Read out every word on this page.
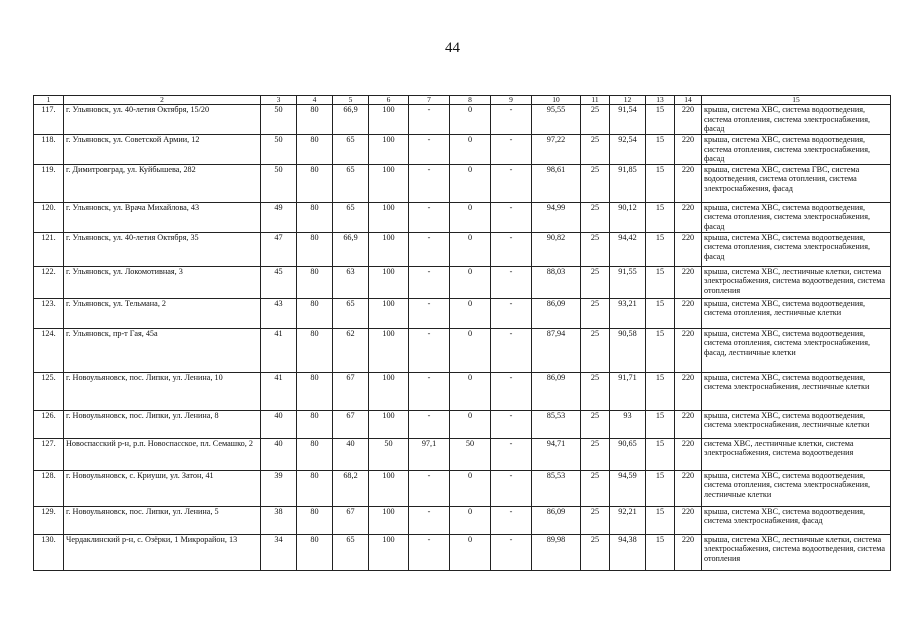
44
1	2	3	4	5	6	7	8	9	10	11	12	13	14	15
117.	г. Ульяновск, ул. 40-летия Октября, 15/20	50	80	66,9	100	-	0	-	95,55	25	91,54	15	220	крыша, система ХВС, система водоотведения, система отопления, система электроснабжения, фасад
118.	г. Ульяновск, ул. Советской Армии, 12	50	80	65	100	-	0	-	97,22	25	92,54	15	220	крыша, система ХВС, система водоотведения, система отопления, система электроснабжения, фасад
119.	г. Димитровград, ул. Куйбышева, 282	50	80	65	100	-	0	-	98,61	25	91,85	15	220	крыша, система ХВС, система ГВС, система водоотведения, система отопления, система электроснабжения, фасад
120.	г. Ульяновск, ул. Врача Михайлова, 43	49	80	65	100	-	0	-	94,99	25	90,12	15	220	крыша, система ХВС, система водоотведения, система отопления, система электроснабжения, фасад
121.	г. Ульяновск, ул. 40-летия Октября, 35	47	80	66,9	100	-	0	-	90,82	25	94,42	15	220	крыша, система ХВС, система водоотведения, система отопления, система электроснабжения, фасад
122.	г. Ульяновск, ул. Локомотивная, 3	45	80	63	100	-	0	-	88,03	25	91,55	15	220	крыша, система ХВС, лестничные клетки, система электроснабжения, система водоотведения, система отопления
123.	г. Ульяновск, ул. Тельмана, 2	43	80	65	100	-	0	-	86,09	25	93,21	15	220	крыша, система ХВС, система водоотведения, система отопления, лестничные клетки
124.	г. Ульяновск, пр-т Гая, 45а	41	80	62	100	-	0	-	87,94	25	90,58	15	220	крыша, система ХВС, система водоотведения, система отопления, система электроснабжения, фасад, лестничные клетки
125.	г. Новоульяновск, пос. Липки, ул. Ленина, 10	41	80	67	100	-	0	-	86,09	25	91,71	15	220	крыша, система ХВС, система водоотведения, система электроснабжения, лестничные клетки
126.	г. Новоульяновск, пос. Липки, ул. Ленина, 8	40	80	67	100	-	0	-	85,53	25	93	15	220	крыша, система ХВС, система водоотведения, система электроснабжения, лестничные клетки
127.	Новоспасский р-н, р.п. Новоспасское, пл. Семашко, 2	40	80	40	50	97,1	50	-	94,71	25	90,65	15	220	система ХВС, лестничные клетки, система электроснабжения, система водоотведения
128.	г. Новоульяновск, с. Криуши, ул. Затон, 41	39	80	68,2	100	-	0	-	85,53	25	94,59	15	220	крыша, система ХВС, система водоотведения, система отопления, система электроснабжения, лестничные клетки
129.	г. Новоульяновск, пос. Липки, ул. Ленина, 5	38	80	67	100	-	0	-	86,09	25	92,21	15	220	крыша, система ХВС, система водоотведения, система электроснабжения, фасад
130.	Чердаклинский р-н, с. Озёрки, 1 Микрорайон, 13	34	80	65	100	-	0	-	89,98	25	94,38	15	220	крыша, система ХВС, лестничные клетки, система электроснабжения, система водоотведения, система отопления
